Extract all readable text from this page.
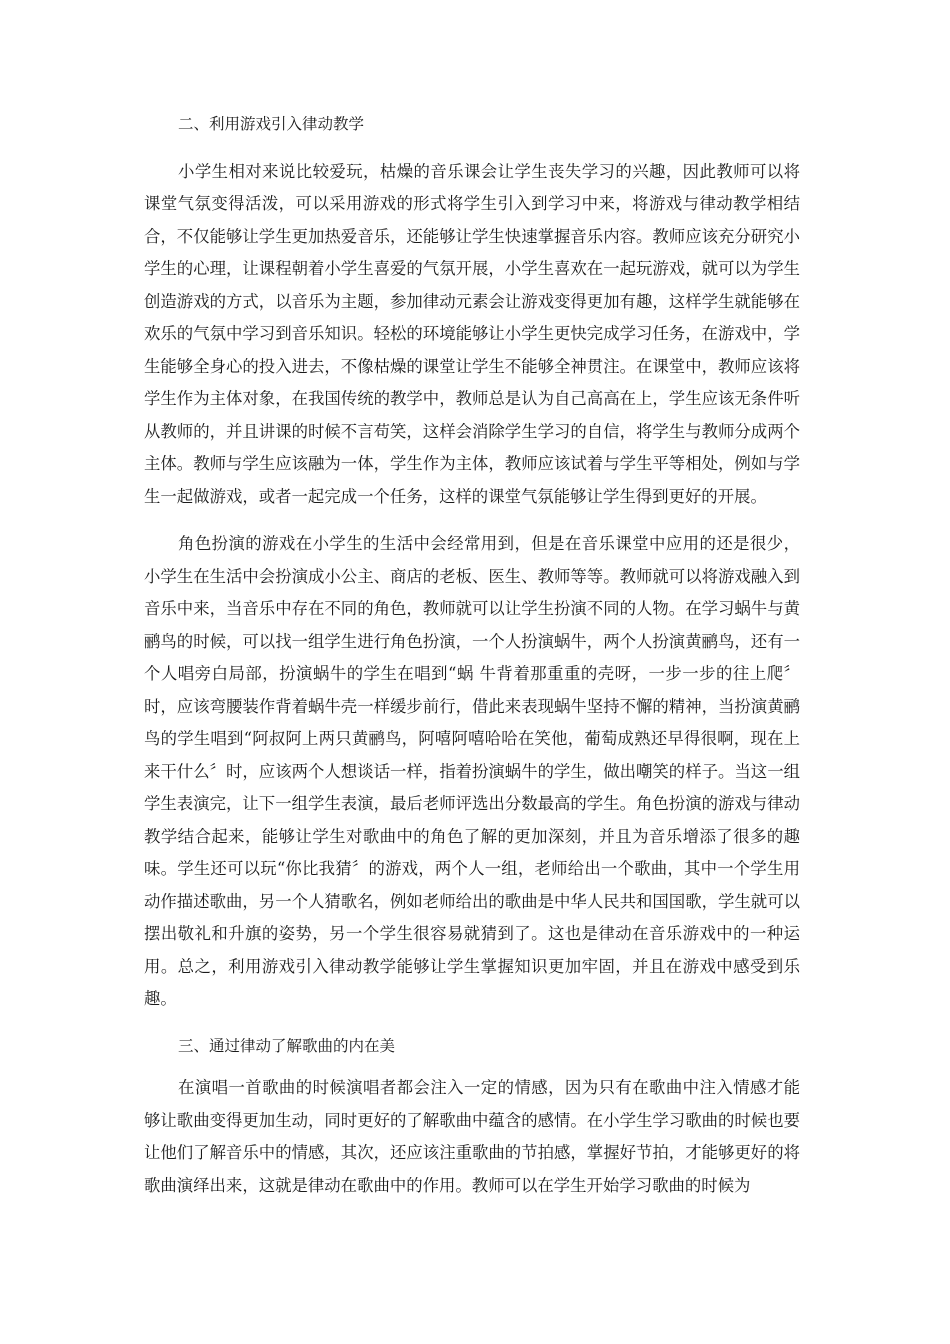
二、利用游戏引入律动教学

小学生相对来说比较爱玩，枯燥的音乐课会让学生丧失学习的兴趣，因此教师可以将课堂气氛变得活泼，可以采用游戏的形式将学生引入到学习中来，将游戏与律动教学相结合，不仅能够让学生更加热爱音乐，还能够让学生快速掌握音乐内容。教师应该充分研究小学生的心理，让课程朝着小学生喜爱的气氛开展，小学生喜欢在一起玩游戏，就可以为学生创造游戏的方式，以音乐为主题，参加律动元素会让游戏变得更加有趣，这样学生就能够在欢乐的气氛中学习到音乐知识。轻松的环境能够让小学生更快完成学习任务，在游戏中，学生能够全身心的投入进去，不像枯燥的课堂让学生不能够全神贯注。在课堂中，教师应该将学生作为主体对象，在我国传统的教学中，教师总是认为自己高高在上，学生应该无条件听从教师的，并且讲课的时候不言苟笑，这样会消除学生学习的自信，将学生与教师分成两个主体。教师与学生应该融为一体，学生作为主体，教师应该试着与学生平等相处，例如与学生一起做游戏，或者一起完成一个任务，这样的课堂气氛能够让学生得到更好的开展。

角色扮演的游戏在小学生的生活中会经常用到，但是在音乐课堂中应用的还是很少，小学生在生活中会扮演成小公主、商店的老板、医生、教师等等。教师就可以将游戏融入到音乐中来，当音乐中存在不同的角色，教师就可以让学生扮演不同的人物。在学习蜗牛与黄鹂鸟的时候，可以找一组学生进行角色扮演，一个人扮演蜗牛，两个人扮演黄鹂鸟，还有一个人唱旁白局部，扮演蜗牛的学生在唱到“蜗 牛背着那重重的壳呀，一步一步的往上爬〞时，应该弯腰装作背着蜗牛壳一样缓步前行，借此来表现蜗牛坚持不懈的精神，当扮演黄鹂鸟的学生唱到“阿叔阿上两只黄鹂鸟，阿嘻阿嘻哈哈在笑他，葡萄成熟还早得很啊，现在上来干什么〞时，应该两个人想谈话一样，指着扮演蜗牛的学生，做出嘲笑的样子。当这一组学生表演完，让下一组学生表演，最后老师评选出分数最高的学生。角色扮演的游戏与律动教学结合起来，能够让学生对歌曲中的角色了解的更加深刻，并且为音乐增添了很多的趣味。学生还可以玩“你比我猜〞的游戏，两个人一组，老师给出一个歌曲，其中一个学生用动作描述歌曲，另一个人猜歌名，例如老师给出的歌曲是中华人民共和国国歌，学生就可以摆出敬礼和升旗的姿势，另一个学生很容易就猜到了。这也是律动在音乐游戏中的一种运用。总之，利用游戏引入律动教学能够让学生掌握知识更加牢固，并且在游戏中感受到乐趣。

三、通过律动了解歌曲的内在美

在演唱一首歌曲的时候演唱者都会注入一定的情感，因为只有在歌曲中注入情感才能够让歌曲变得更加生动，同时更好的了解歌曲中蕴含的感情。在小学生学习歌曲的时候也要让他们了解音乐中的情感，其次，还应该注重歌曲的节拍感，掌握好节拍，才能够更好的将歌曲演绎出来，这就是律动在歌曲中的作用。教师可以在学生开始学习歌曲的时候为
